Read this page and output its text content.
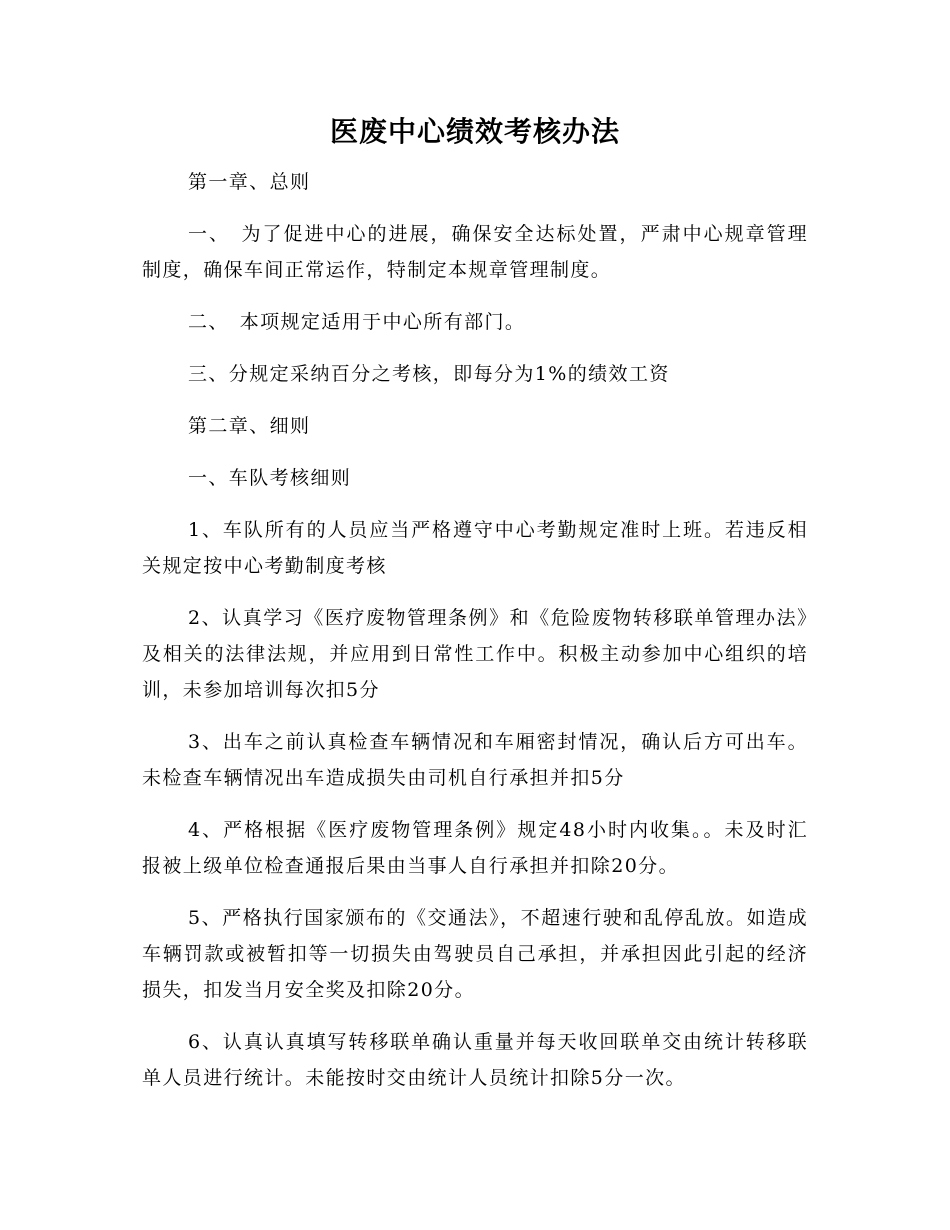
医废中心绩效考核办法

第一章、总则

一、　为了促进中心的进展，确保安全达标处置，严肃中心规章管理制度，确保车间正常运作，特制定本规章管理制度。

二、　本项规定适用于中心所有部门。

三、分规定采纳百分之考核，即每分为1%的绩效工资

第二章、细则

一、车队考核细则

1、车队所有的人员应当严格遵守中心考勤规定准时上班。若违反相关规定按中心考勤制度考核

2、认真学习《医疗废物管理条例》和《危险废物转移联单管理办法》及相关的法律法规，并应用到日常性工作中。积极主动参加中心组织的培训，未参加培训每次扣5分

3、出车之前认真检查车辆情况和车厢密封情况，确认后方可出车。未检查车辆情况出车造成损失由司机自行承担并扣5分

4、严格根据《医疗废物管理条例》规定48小时内收集。。未及时汇报被上级单位检查通报后果由当事人自行承担并扣除20分。

5、严格执行国家颁布的《交通法》，不超速行驶和乱停乱放。如造成车辆罚款或被暂扣等一切损失由驾驶员自己承担，并承担因此引起的经济损失，扣发当月安全奖及扣除20分。

6、认真认真填写转移联单确认重量并每天收回联单交由统计转移联单人员进行统计。未能按时交由统计人员统计扣除5分一次。
